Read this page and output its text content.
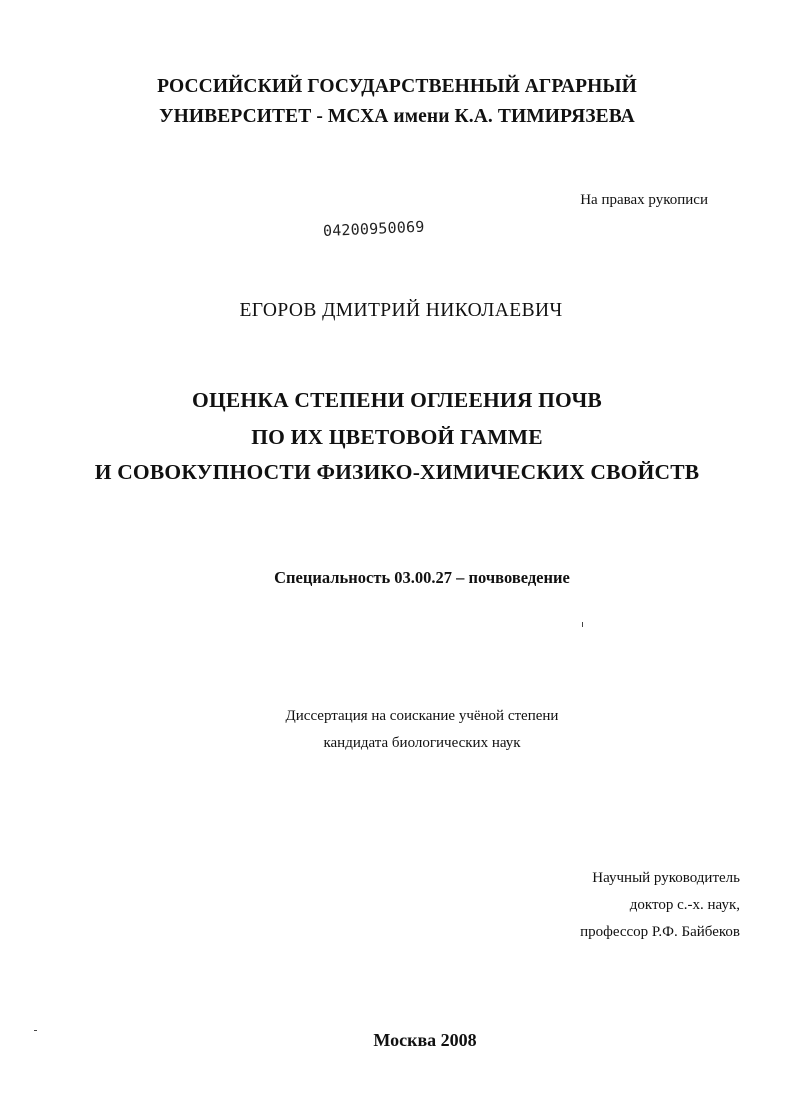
РОССИЙСКИЙ ГОСУДАРСТВЕННЫЙ АГРАРНЫЙ
УНИВЕРСИТЕТ - МСХА имени К.А. ТИМИРЯЗЕВА
На правах рукописи
04200950069
ЕГОРОВ ДМИТРИЙ НИКОЛАЕВИЧ
ОЦЕНКА СТЕПЕНИ ОГЛЕЕНИЯ ПОЧВ
ПО ИХ ЦВЕТОВОЙ ГАММЕ
И СОВОКУПНОСТИ ФИЗИКО-ХИМИЧЕСКИХ СВОЙСТВ
Специальность 03.00.27 – почвоведение
Диссертация на соискание учёной степени
кандидата биологических наук
Научный руководитель
доктор с.-х. наук,
профессор Р.Ф. Байбеков
Москва 2008
